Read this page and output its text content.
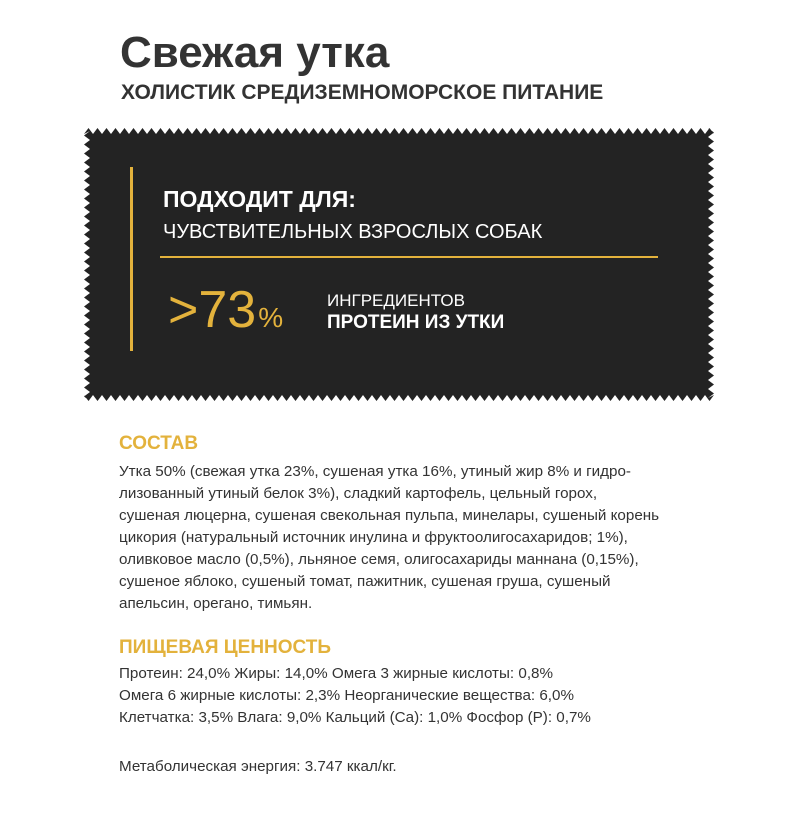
Свежая утка
ХОЛИСТИК СРЕДИЗЕМНОМОРСКОЕ ПИТАНИЕ
ПОДХОДИТ ДЛЯ:
ЧУВСТВИТЕЛЬНЫХ ВЗРОСЛЫХ СОБАК
>73%
ИНГРЕДИЕНТОВ
ПРОТЕИН ИЗ УТКИ
СОСТАВ
Утка 50% (свежая утка 23%, сушеная утка 16%, утиный жир 8% и гидро-
лизованный утиный белок 3%), сладкий картофель, цельный горох,
сушеная люцерна, сушеная свекольная пульпа, минелары, сушеный корень
цикория (натуральный источник инулина и фруктоолигосахаридов; 1%),
оливковое масло (0,5%), льняное семя, олигосахариды маннана (0,15%),
сушеное яблоко, сушеный томат, пажитник, сушеная груша, сушеный
апельсин, орегано, тимьян.
ПИЩЕВАЯ ЦЕННОСТЬ
Протеин: 24,0% Жиры: 14,0% Омега 3 жирные кислоты: 0,8%
Омега 6 жирные кислоты: 2,3% Неорганические вещества: 6,0%
Клетчатка: 3,5% Влага: 9,0% Кальций (Ca): 1,0% Фосфор (P): 0,7%
Метаболическая энергия: 3.747 ккал/кг.
